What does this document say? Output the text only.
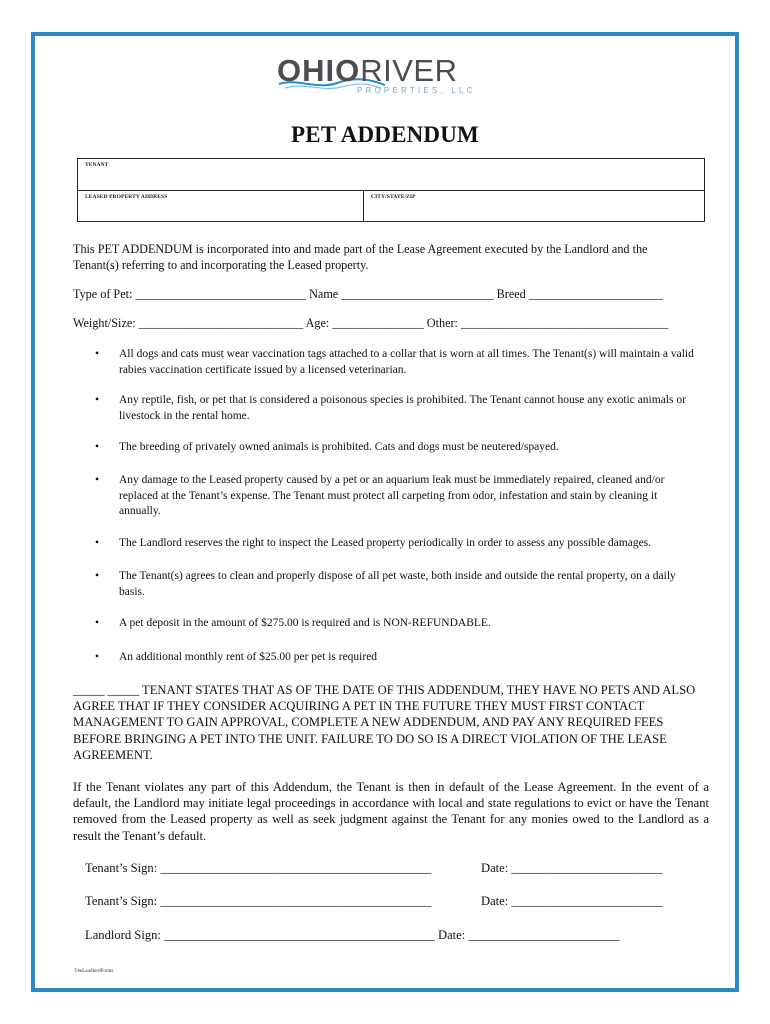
OHIORIVER
PROPERTIES, LLC
PET ADDENDUM
TENANT
LEASED PROPERTY ADDRESS	CITY/STATE/ZIP
This PET ADDENDUM is incorporated into and made part of the Lease Agreement executed by the Landlord and the Tenant(s) referring to and incorporating the Leased property.
Type of Pet: ____________________________ Name _________________________ Breed ______________________
Weight/Size: ___________________________ Age: _______________ Other: __________________________________
• All dogs and cats must wear vaccination tags attached to a collar that is worn at all times. The Tenant(s) will maintain a valid rabies vaccination certificate issued by a licensed veterinarian.
• Any reptile, fish, or pet that is considered a poisonous species is prohibited. The Tenant cannot house any exotic animals or livestock in the rental home.
• The breeding of privately owned animals is prohibited. Cats and dogs must be neutered/spayed.
• Any damage to the Leased property caused by a pet or an aquarium leak must be immediately repaired, cleaned and/or replaced at the Tenant’s expense. The Tenant must protect all carpeting from odor, infestation and stain by cleaning it annually.
• The Landlord reserves the right to inspect the Leased property periodically in order to assess any possible damages.
• The Tenant(s) agrees to clean and properly dispose of all pet waste, both inside and outside the rental property, on a daily basis.
• A pet deposit in the amount of $275.00 is required and is NON-REFUNDABLE.
• An additional monthly rent of $25.00 per pet is required
_____ _____ TENANT STATES THAT AS OF THE DATE OF THIS ADDENDUM, THEY HAVE NO PETS AND ALSO AGREE THAT IF THEY CONSIDER ACQUIRING A PET IN THE FUTURE THEY MUST FIRST CONTACT MANAGEMENT TO GAIN APPROVAL, COMPLETE A NEW ADDENDUM, AND PAY ANY REQUIRED FEES BEFORE BRINGING A PET INTO THE UNIT. FAILURE TO DO SO IS A DIRECT VIOLATION OF THE LEASE AGREEMENT.
If the Tenant violates any part of this Addendum, the Tenant is then in default of the Lease Agreement. In the event of a default, the Landlord may initiate legal proceedings in accordance with local and state regulations to evict or have the Tenant removed from the Leased property as well as seek judgment against the Tenant for any monies owed to the Landlord as a result the Tenant’s default.
Tenant’s Sign: ___________________________________________	Date: ________________________
Tenant’s Sign: ___________________________________________	Date: ________________________
Landlord Sign: ___________________________________________ Date: ________________________
©eeLandlordForms
